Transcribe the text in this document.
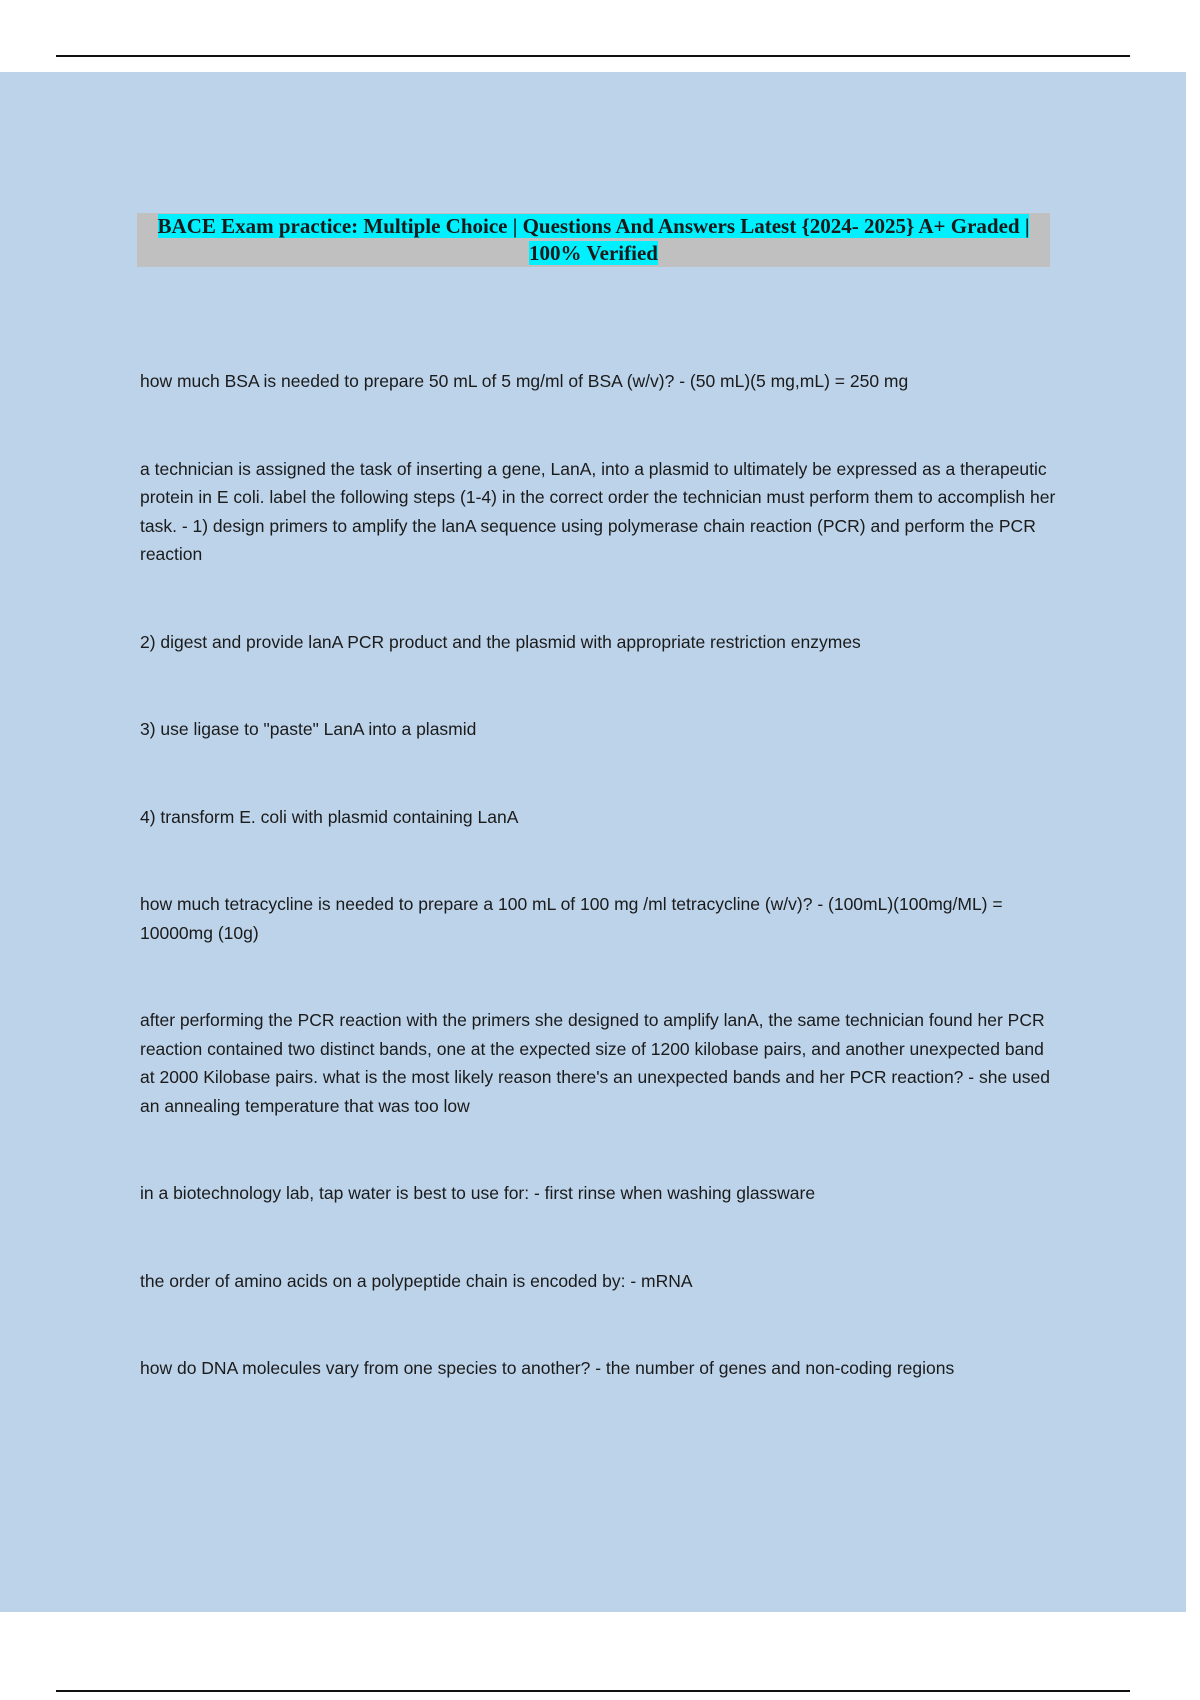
BACE Exam practice: Multiple Choice | Questions And Answers Latest {2024- 2025} A+ Graded | 100% Verified

how much BSA is needed to prepare 50 mL of 5 mg/ml of BSA (w/v)? - (50 mL)(5 mg,mL) = 250 mg

a technician is assigned the task of inserting a gene, LanA, into a plasmid to ultimately be expressed as a therapeutic protein in E coli. label the following steps (1-4) in the correct order the technician must perform them to accomplish her task. - 1) design primers to amplify the lanA sequence using polymerase chain reaction (PCR) and perform the PCR reaction

2) digest and provide lanA PCR product and the plasmid with appropriate restriction enzymes

3) use ligase to "paste" LanA into a plasmid

4) transform E. coli with plasmid containing LanA

how much tetracycline is needed to prepare a 100 mL of 100 mg /ml tetracycline (w/v)? - (100mL)(100mg/ML) = 10000mg (10g)

after performing the PCR reaction with the primers she designed to amplify lanA, the same technician found her PCR reaction contained two distinct bands, one at the expected size of 1200 kilobase pairs, and another unexpected band at 2000 Kilobase pairs. what is the most likely reason there's an unexpected bands and her PCR reaction? - she used an annealing temperature that was too low

in a biotechnology lab, tap water is best to use for: - first rinse when washing glassware

the order of amino acids on a polypeptide chain is encoded by: - mRNA

how do DNA molecules vary from one species to another? - the number of genes and non-coding regions
